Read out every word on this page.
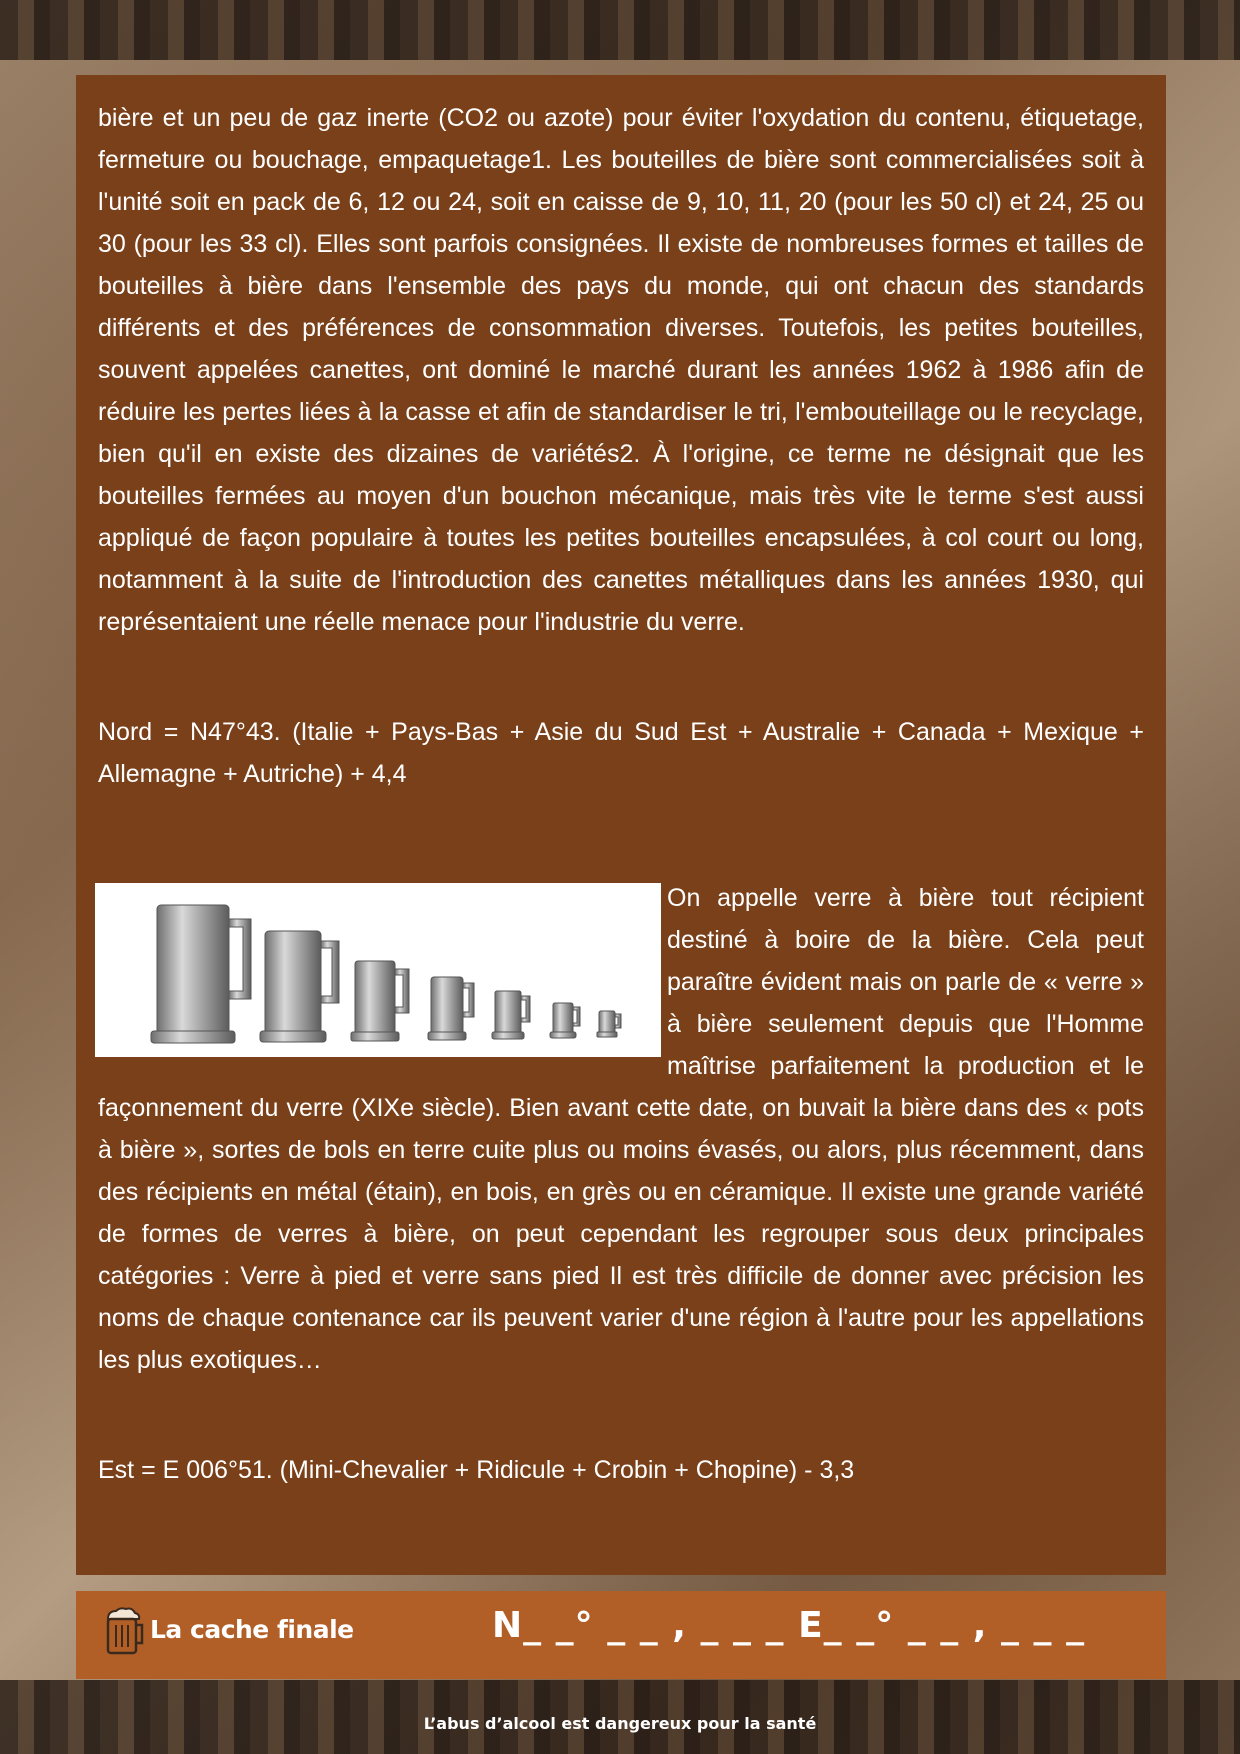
bière et un peu de gaz inerte (CO2 ou azote) pour éviter l'oxydation du contenu, étiquetage, fermeture ou bouchage, empaquetage1. Les bouteilles de bière sont commercialisées soit à l'unité soit en pack de 6, 12 ou 24, soit en caisse de 9, 10, 11, 20 (pour les 50 cl) et 24, 25 ou 30 (pour les 33 cl). Elles sont parfois consignées. Il existe de nombreuses formes et tailles de bouteilles à bière dans l'ensemble des pays du monde, qui ont chacun des standards différents et des préférences de consommation diverses. Toutefois, les petites bouteilles, souvent appelées canettes, ont dominé le marché durant les années 1962 à 1986 afin de réduire les pertes liées à la casse et afin de standardiser le tri, l'embouteillage ou le recyclage, bien qu'il en existe des dizaines de variétés2. À l'origine, ce terme ne désignait que les bouteilles fermées au moyen d'un bouchon mécanique, mais très vite le terme s'est aussi appliqué de façon populaire à toutes les petites bouteilles encapsulées, à col court ou long, notamment à la suite de l'introduction des canettes métalliques dans les années 1930, qui représentaient une réelle menace pour l'industrie du verre.

Nord = N47°43. (Italie + Pays-Bas + Asie du Sud Est + Australie + Canada + Mexique + Allemagne + Autriche) + 4,4

On appelle verre à bière tout récipient destiné à boire de la bière. Cela peut paraître évident mais on parle de « verre » à bière seulement depuis que l'Homme maîtrise parfaitement la production et le façonnement du verre (XIXe siècle). Bien avant cette date, on buvait la bière dans des « pots à bière », sortes de bols en terre cuite plus ou moins évasés, ou alors, plus récemment, dans des récipients en métal (étain), en bois, en grès ou en céramique. Il existe une grande variété de formes de verres à bière, on peut cependant les regrouper sous deux principales catégories : Verre à pied et verre sans pied Il est très difficile de donner avec précision les noms de chaque contenance car ils peuvent varier d'une région à l'autre pour les appellations les plus exotiques…

Est = E 006°51. (Mini-Chevalier + Ridicule + Crobin + Chopine) - 3,3

La cache finale	N_ _° _ _ , _ _ _ E_ _° _ _ , _ _ _
L’abus d’alcool est dangereux pour la santé
